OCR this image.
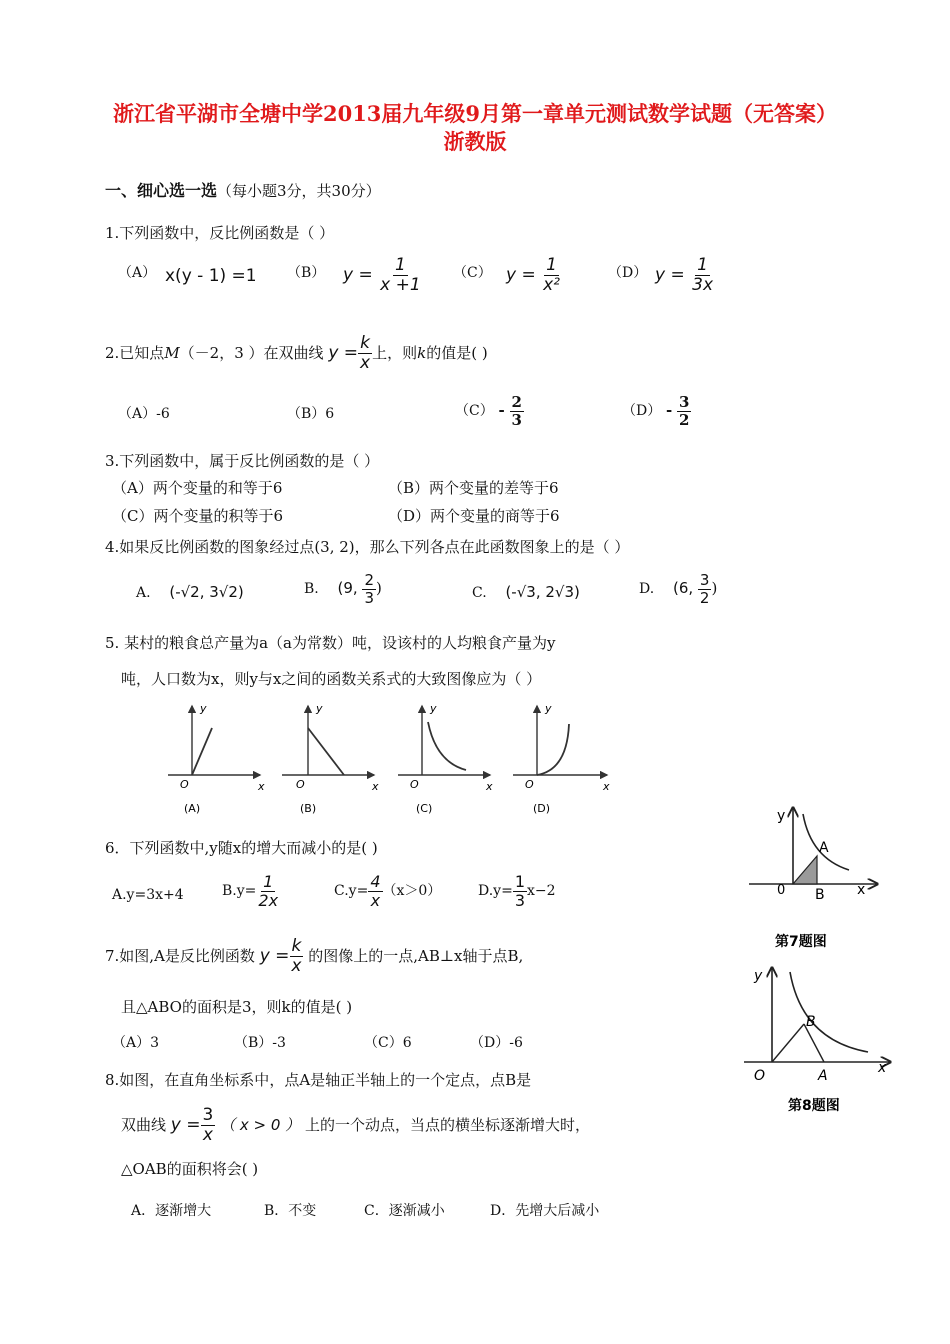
浙江省平湖市全塘中学2013届九年级9月第一章单元测试数学试题（无答案）
浙教版
一、细心选一选（每小题3分，共30分）
1.下列函数中，反比例函数是（ ）
（A） x(y - 1) =1 （B） $y = \frac{1}{x +1} (C) y = \frac{1}{\text{x²}}$	（D） $y = \frac{1}{3x}$
2.已知点M（－2，3 ）在双曲线 $y = \frac{k}{x}$ 上，则k的值是( )
（A）-6	（B）6	$(C) - \frac{2}{3}$	$(D) - \frac{3}{2}$
3.下列函数中，属于反比例函数的是（ ）
（A）两个变量的和等于6	（B）两个变量的差等于6
（C）两个变量的积等于6	（D）两个变量的商等于6
4.如果反比例函数的图象经过点(3, 2)，那么下列各点在此函数图象上的是（ ）
A. (-√2, 3√2)	B. (9, $\frac{2}{3}$ )	C. (-√3, 2√3)	D. (6, $\frac{3}{2}$ )
5. 某村的粮食总产量为a（a为常数）吨，设该村的人均粮食产量为y
吨，人口数为x，则y与x之间的函数关系式的大致图像应为（ ）
y
x
O
(A)
y
x
O
(B)
y
x
O
(C)
y
x
O
(D)
6．下列函数中,y随x的增大而减小的是( )
A.y=3x+4	$B.y= \frac{1}{2x}$	$C.y= \frac{4}{x} (x>0)$	$D.y= \frac{1}{3} x-2$
7.如图,A是反比例函数 $y = \frac{k}{x}$ 的图像上的一点,AB⊥x轴于点B,
且△ABO的面积是3，则k的值是( )
（A）3	（B）-3	（C）6	（D）-6
8.如图，在直角坐标系中，点A是轴正半轴上的一个定点，点B是
双曲线 $y = \frac{3}{x}$ （ x > 0 ） 上的一个动点，当点的横坐标逐渐增大时，
△OAB的面积将会( )
A．逐渐增大	B．不变	C．逐渐减小	D．先增大后减小
y
x
0
A
B
第7题图
y
x
O
B
A
第8题图
